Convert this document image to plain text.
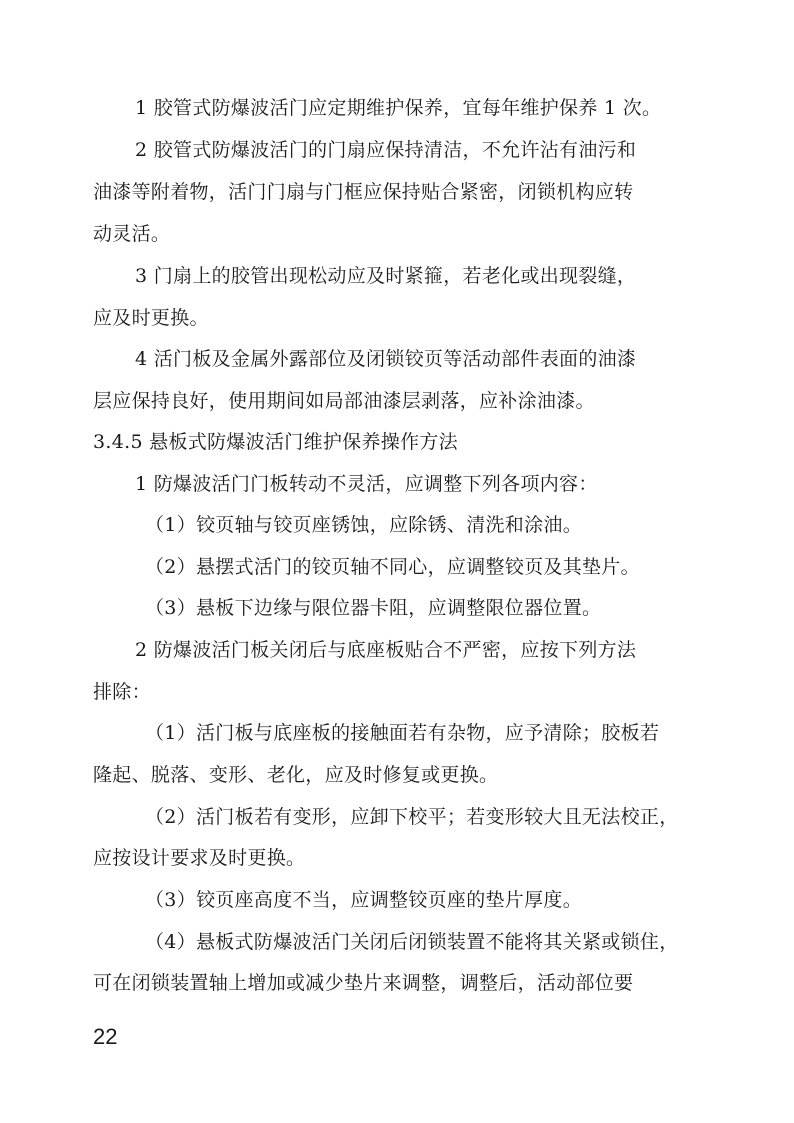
1 胶管式防爆波活门应定期维护保养，宜每年维护保养 1 次。
2 胶管式防爆波活门的门扇应保持清洁，不允许沾有油污和
油漆等附着物，活门门扇与门框应保持贴合紧密，闭锁机构应转
动灵活。
3 门扇上的胶管出现松动应及时紧箍，若老化或出现裂缝，
应及时更换。
4 活门板及金属外露部位及闭锁铰页等活动部件表面的油漆
层应保持良好，使用期间如局部油漆层剥落，应补涂油漆。
3.4.5 悬板式防爆波活门维护保养操作方法
1 防爆波活门门板转动不灵活，应调整下列各项内容：
（1）铰页轴与铰页座锈蚀，应除锈、清洗和涂油。
（2）悬摆式活门的铰页轴不同心，应调整铰页及其垫片。
（3）悬板下边缘与限位器卡阻，应调整限位器位置。
2 防爆波活门板关闭后与底座板贴合不严密，应按下列方法
排除：
（1）活门板与底座板的接触面若有杂物，应予清除；胶板若
隆起、脱落、变形、老化，应及时修复或更换。
（2）活门板若有变形，应卸下校平；若变形较大且无法校正，
应按设计要求及时更换。
（3）铰页座高度不当，应调整铰页座的垫片厚度。
（4）悬板式防爆波活门关闭后闭锁装置不能将其关紧或锁住，
可在闭锁装置轴上增加或减少垫片来调整，调整后，活动部位要
22
